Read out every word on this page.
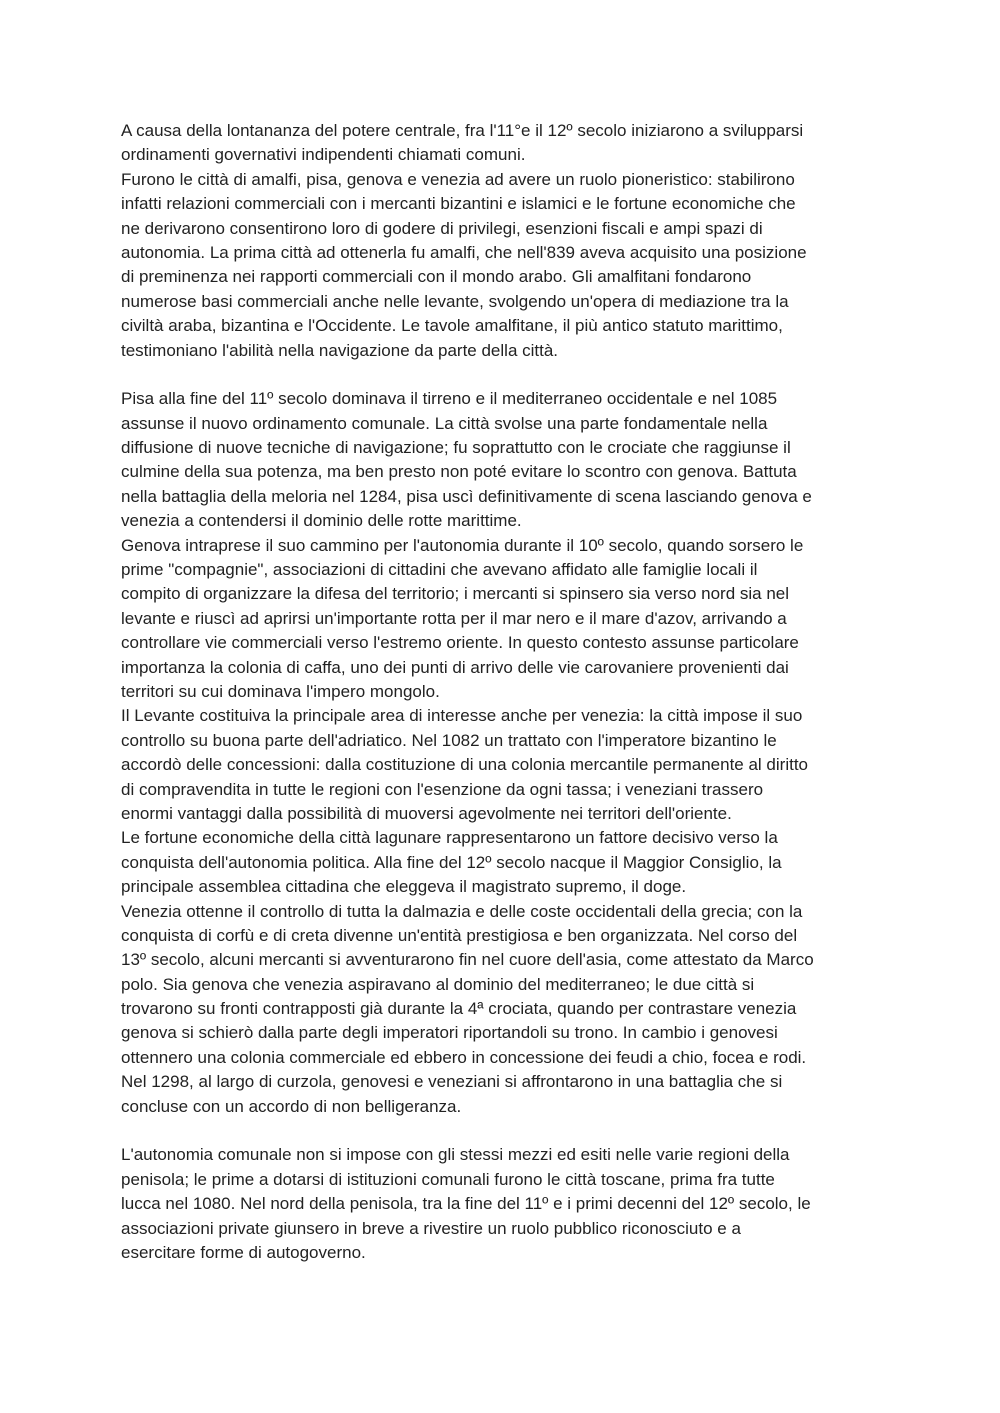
A causa della lontananza del potere centrale, fra l'11°e il 12º secolo iniziarono a svilupparsi
ordinamenti governativi indipendenti chiamati comuni.
Furono le città di amalfi, pisa, genova e venezia ad avere un ruolo pioneristico: stabilirono
infatti relazioni commerciali con i mercanti bizantini e islamici e le fortune economiche che
ne derivarono consentirono loro di godere di privilegi, esenzioni fiscali e ampi spazi di
autonomia. La prima città ad ottenerla fu amalfi, che nell'839 aveva acquisito una posizione
di preminenza nei rapporti commerciali con il mondo arabo. Gli amalfitani fondarono
numerose basi commerciali anche nelle levante, svolgendo un'opera di mediazione tra la
civiltà araba, bizantina e l'Occidente. Le tavole amalfitane, il più antico statuto marittimo,
testimoniano l'abilità nella navigazione da parte della città.
Pisa alla fine del 11º secolo dominava il tirreno e il mediterraneo occidentale e nel 1085
assunse il nuovo ordinamento comunale. La città svolse una parte fondamentale nella
diffusione di nuove tecniche di navigazione; fu soprattutto con le crociate che raggiunse il
culmine della sua potenza, ma ben presto non poté evitare lo scontro con genova. Battuta
nella battaglia della meloria nel 1284, pisa uscì definitivamente di scena lasciando genova e
venezia a contendersi il dominio delle rotte marittime.
Genova intraprese il suo cammino per l'autonomia durante il 10º secolo, quando sorsero le
prime "compagnie", associazioni di cittadini che avevano affidato alle famiglie locali il
compito di organizzare la difesa del territorio; i mercanti si spinsero sia verso nord sia nel
levante e riuscì ad aprirsi un'importante rotta per il mar nero e il mare d'azov, arrivando a
controllare vie commerciali verso l'estremo oriente. In questo contesto assunse particolare
importanza la colonia di caffa, uno dei punti di arrivo delle vie carovaniere provenienti dai
territori su cui dominava l'impero mongolo.
Il Levante costituiva la principale area di interesse anche per venezia: la città impose il suo
controllo su buona parte dell'adriatico. Nel 1082 un trattato con l'imperatore bizantino le
accordò delle concessioni: dalla costituzione di una colonia mercantile permanente al diritto
di compravendita in tutte le regioni con l'esenzione da ogni tassa; i veneziani trassero
enormi vantaggi dalla possibilità di muoversi agevolmente nei territori dell'oriente.
Le fortune economiche della città lagunare rappresentarono un fattore decisivo verso la
conquista dell'autonomia politica. Alla fine del 12º secolo nacque il Maggior Consiglio, la
principale assemblea cittadina che eleggeva il magistrato supremo, il doge.
Venezia ottenne il controllo di tutta la dalmazia e delle coste occidentali della grecia; con la
conquista di corfù e di creta divenne un'entità prestigiosa e ben organizzata. Nel corso del
13º secolo, alcuni mercanti si avventurarono fin nel cuore dell'asia, come attestato da Marco
polo. Sia genova che venezia aspiravano al dominio del mediterraneo; le due città si
trovarono su fronti contrapposti già durante la 4ª crociata, quando per contrastare venezia
genova si schierò dalla parte degli imperatori riportandoli su trono. In cambio i genovesi
ottennero una colonia commerciale ed ebbero in concessione dei feudi a chio, focea e rodi.
Nel 1298, al largo di curzola, genovesi e veneziani si affrontarono in una battaglia che si
concluse con un accordo di non belligeranza.
L'autonomia comunale non si impose con gli stessi mezzi ed esiti nelle varie regioni della
penisola; le prime a dotarsi di istituzioni comunali furono le città toscane, prima fra tutte
lucca nel 1080. Nel nord della penisola, tra la fine del 11º e i primi decenni del 12º secolo, le
associazioni private giunsero in breve a rivestire un ruolo pubblico riconosciuto e a
esercitare forme di autogoverno.
